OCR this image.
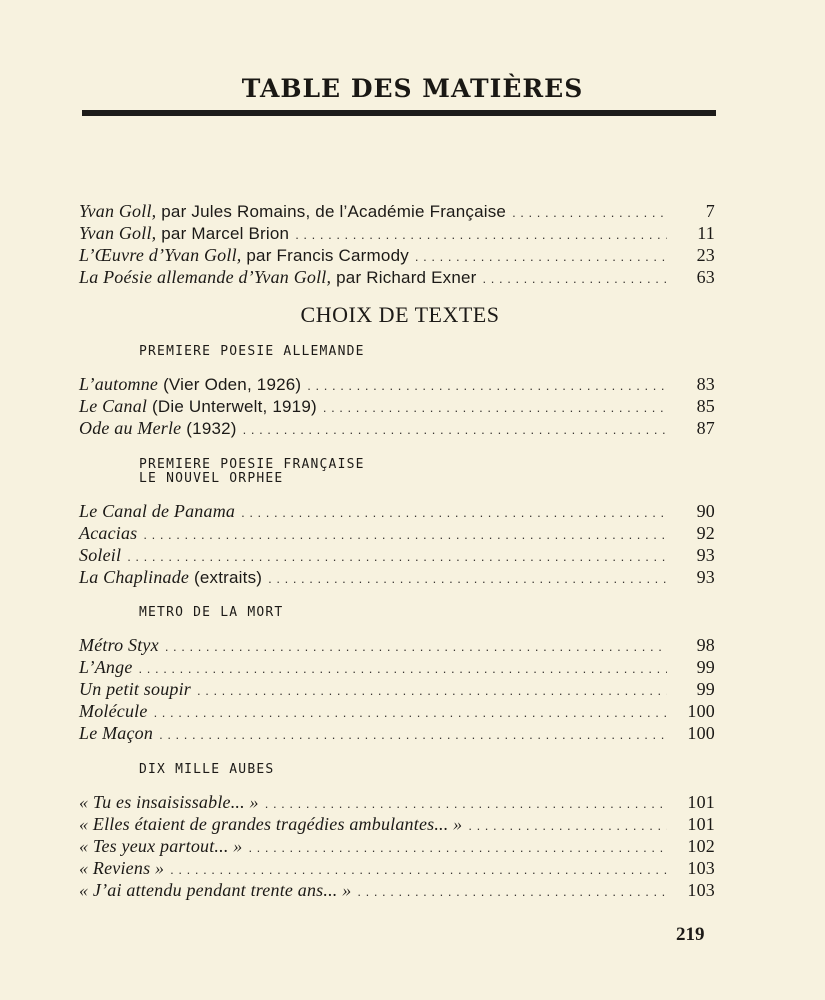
TABLE DES MATIÈRES
Yvan Goll, par Jules Romains, de l’Académie Française . . .	7
Yvan Goll, par Marcel Brion . . .	11
L’Œuvre d’Yvan Goll, par Francis Carmody . . .	23
La Poésie allemande d’Yvan Goll, par Richard Exner . . .	63
CHOIX DE TEXTES
PREMIERE POESIE ALLEMANDE
L’automne (Vier Oden, 1926) . . .	83
Le Canal (Die Unterwelt, 1919) . . .	85
Ode au Merle (1932) . . .	87
PREMIERE POESIE FRANÇAISE
LE NOUVEL ORPHEE
Le Canal de Panama . . .	90
Acacias . . .	92
Soleil . . .	93
La Chaplinade (extraits) . . .	93
METRO DE LA MORT
Métro Styx . . .	98
L’Ange . . .	99
Un petit soupir . . .	99
Molécule . . .	100
Le Maçon . . .	100
DIX MILLE AUBES
« Tu es insaisissable... » . . .	101
« Elles étaient de grandes tragédies ambulantes... » . . .	101
« Tes yeux partout... » . . .	102
« Reviens » . . .	103
« J’ai attendu pendant trente ans... » . . .	103
219
